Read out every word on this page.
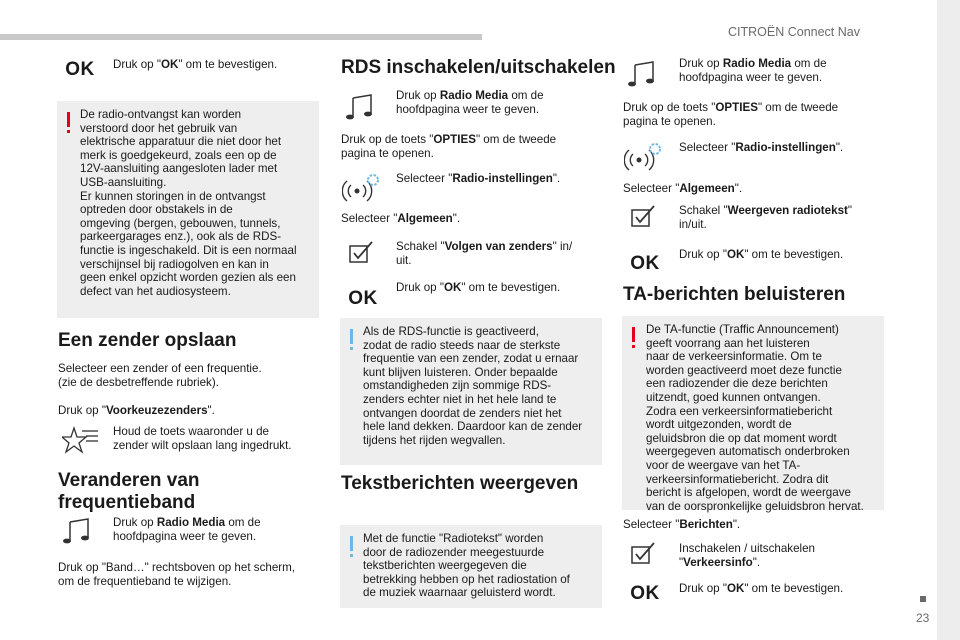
CITROËN Connect Nav
23
OK	Druk op "OK" om te bevestigen.

De radio-ontvangst kan worden
verstoord door het gebruik van
elektrische apparatuur die niet door het
merk is goedgekeurd, zoals een op de
12V-aansluiting aangesloten lader met
USB-aansluiting.
Er kunnen storingen in de ontvangst
optreden door obstakels in de
omgeving (bergen, gebouwen, tunnels,
parkeergarages enz.), ook als de RDS-
functie is ingeschakeld. Dit is een normaal
verschijnsel bij radiogolven en kan in
geen enkel opzicht worden gezien als een
defect van het audiosysteem.
Een zender opslaan

Selecteer een zender of een frequentie.
(zie de desbetreffende rubriek).

Druk op "Voorkeuzezenders".

Houd de toets waaronder u de
zender wilt opslaan lang ingedrukt.

Veranderen van
frequentieband

Druk op Radio Media om de
hoofdpagina weer te geven.

Druk op "Band…" rechtsboven op het scherm,
om de frequentieband te wijzigen.

RDS inschakelen/uitschakelen

Druk op Radio Media om de
hoofdpagina weer te geven.

Druk op de toets "OPTIES" om de tweede
pagina te openen.

Selecteer "Radio-instellingen".

Selecteer "Algemeen".

Schakel "Volgen van zenders" in/
uit.

OK

Druk op "OK" om te bevestigen.

Als de RDS-functie is geactiveerd,
zodat de radio steeds naar de sterkste
frequentie van een zender, zodat u ernaar
kunt blijven luisteren. Onder bepaalde
omstandigheden zijn sommige RDS-
zenders echter niet in het hele land te
ontvangen doordat de zenders niet het
hele land dekken. Daardoor kan de zender
tijdens het rijden wegvallen.
Tekstberichten weergeven
Met de functie "Radiotekst" worden
door de radiozender meegestuurde
tekstberichten weergegeven die
betrekking hebben op het radiostation of
de muziek waarnaar geluisterd wordt.

Druk op Radio Media om de
hoofdpagina weer te geven.

Druk op de toets "OPTIES" om de tweede
pagina te openen.

Selecteer "Radio-instellingen".

Selecteer "Algemeen".

Schakel "Weergeven radiotekst"
in/uit.

OK	Druk op "OK" om te bevestigen.

TA-berichten beluisteren
De TA-functie (Traffic Announcement)
geeft voorrang aan het luisteren
naar de verkeersinformatie. Om te
worden geactiveerd moet deze functie
een radiozender die deze berichten
uitzendt, goed kunnen ontvangen.
Zodra een verkeersinformatiebericht
wordt uitgezonden, wordt de
geluidsbron die op dat moment wordt
weergegeven automatisch onderbroken
voor de weergave van het TA-
verkeersinformatiebericht. Zodra dit
bericht is afgelopen, wordt de weergave
van de oorspronkelijke geluidsbron hervat.

Selecteer "Berichten".

Inschakelen / uitschakelen
"Verkeersinfo".

OK	Druk op "OK" om te bevestigen.
